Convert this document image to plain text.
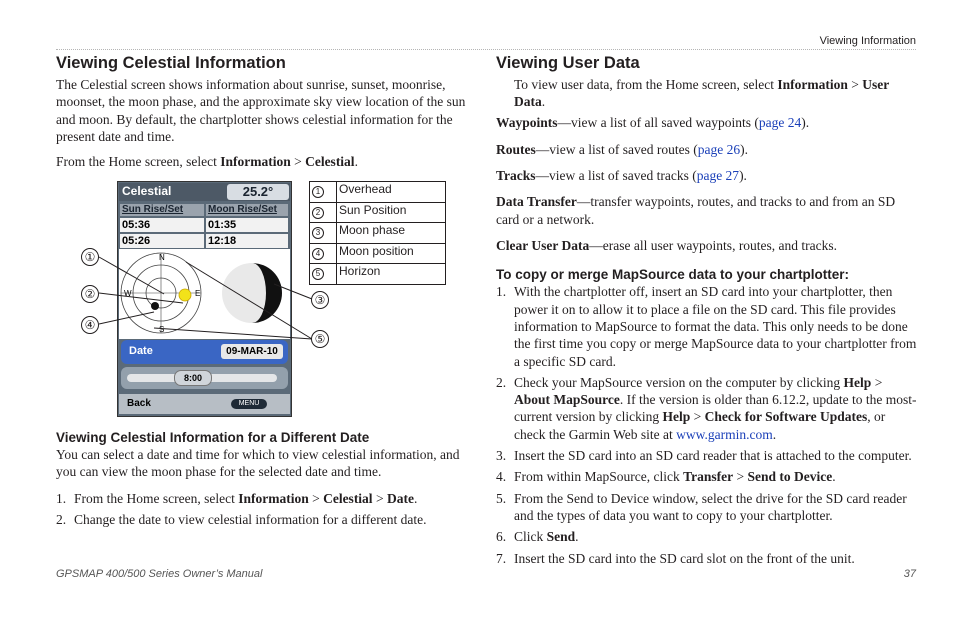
Viewing Information
GPSMAP 400/500 Series Owner’s Manual	37
Viewing Celestial Information

The Celestial screen shows information about sunrise, sunset, moonrise, moonset, the moon phase, and the approximate sky view location of the sun and moon. By default, the chartplotter shows celestial information for the present date and time.

From the Home screen, select Information > Celestial.

Celestial	25.2°
Sun Rise/Set	Moon Rise/Set
05:36	01:35
05:26	12:18
N
W	E
S
Date	09-MAR-10
8:00
Back	MENU
①
②	③
④
⑤
1	Overhead
2	Sun Position
3	Moon phase
4	Moon position
5	Horizon
Viewing Celestial Information for a Different Date

You can select a date and time for which to view celestial information, and you can view the moon phase for the selected date and time.

1. From the Home screen, select Information > Celestial > Date.
2. Change the date to view celestial information for a different date.
Viewing User Data

To view user data, from the Home screen, select Information > User Data.

Waypoints—view a list of all saved waypoints (page 24).

Routes—view a list of saved routes (page 26).

Tracks—view a list of saved tracks (page 27).

Data Transfer—transfer waypoints, routes, and tracks to and from an SD card or a network.

Clear User Data—erase all user waypoints, routes, and tracks.

To copy or merge MapSource data to your chartplotter:
1. With the chartplotter off, insert an SD card into your chartplotter, then power it on to allow it to place a file on the SD card. This file provides information to MapSource to format the data. This only needs to be done the first time you copy or merge MapSource data to your chartplotter from a specific SD card.
2. Check your MapSource version on the computer by clicking Help > About MapSource. If the version is older than 6.12.2, update to the most-current version by clicking Help > Check for Software Updates, or check the Garmin Web site at www.garmin.com.
3. Insert the SD card into an SD card reader that is attached to the computer.
4. From within MapSource, click Transfer > Send to Device.
5. From the Send to Device window, select the drive for the SD card reader and the types of data you want to copy to your chartplotter.
6. Click Send.
7. Insert the SD card into the SD card slot on the front of the unit.
